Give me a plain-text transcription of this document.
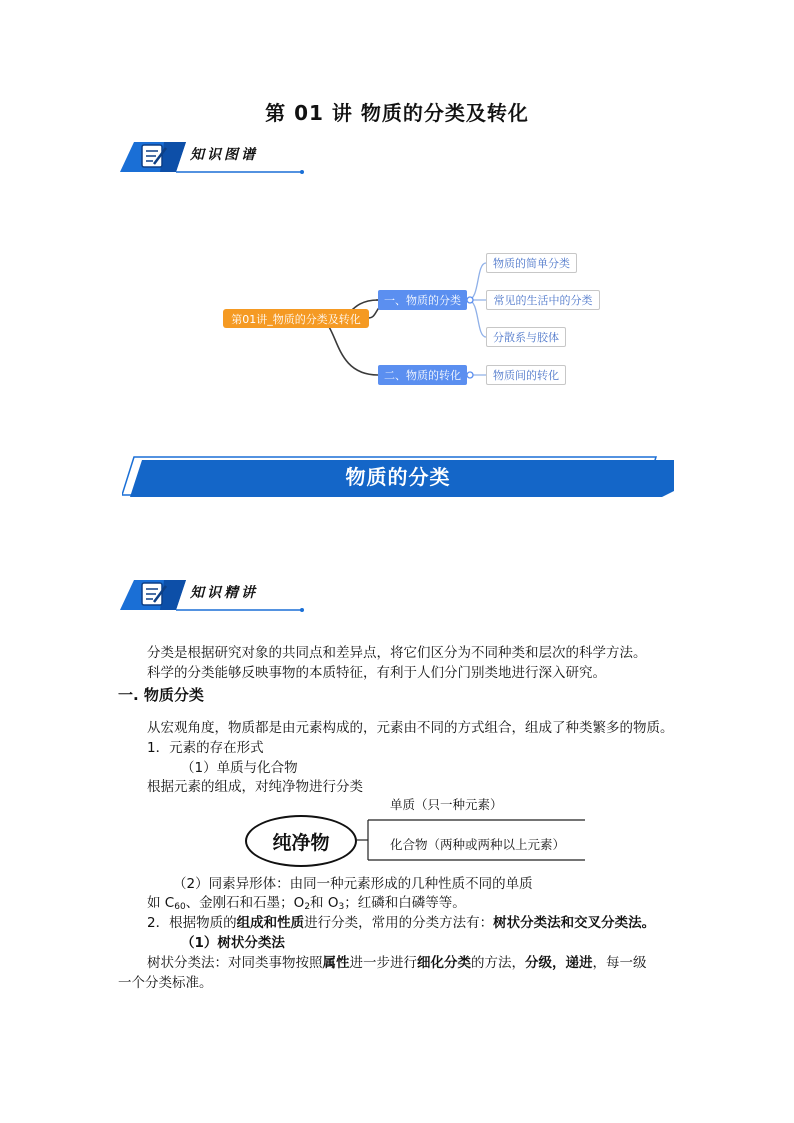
第 01 讲 物质的分类及转化
知识图谱
第01讲_物质的分类及转化
一、物质的分类
二、物质的转化
物质的简单分类
常见的生活中的分类
分散系与胶体
物质间的转化
物质的分类
知识精讲
分类是根据研究对象的共同点和差异点，将它们区分为不同种类和层次的科学方法。
科学的分类能够反映事物的本质特征，有利于人们分门别类地进行深入研究。
一. 物质分类
从宏观角度，物质都是由元素构成的，元素由不同的方式组合，组成了种类繁多的物质。
1．元素的存在形式
（1）单质与化合物
根据元素的组成，对纯净物进行分类
纯净物
单质（只一种元素）
化合物（两种或两种以上元素）
（2）同素异形体：由同一种元素形成的几种性质不同的单质
如 $C_{60}$、金刚石和石墨；$O_2$和 $O_3$；红磷和白磷等等。
2．根据物质的组成和性质进行分类，常用的分类方法有：树状分类法和交叉分类法。
（1）树状分类法
树状分类法：对同类事物按照属性进一步进行细化分类的方法，分级，递进，每一级
一个分类标准。
